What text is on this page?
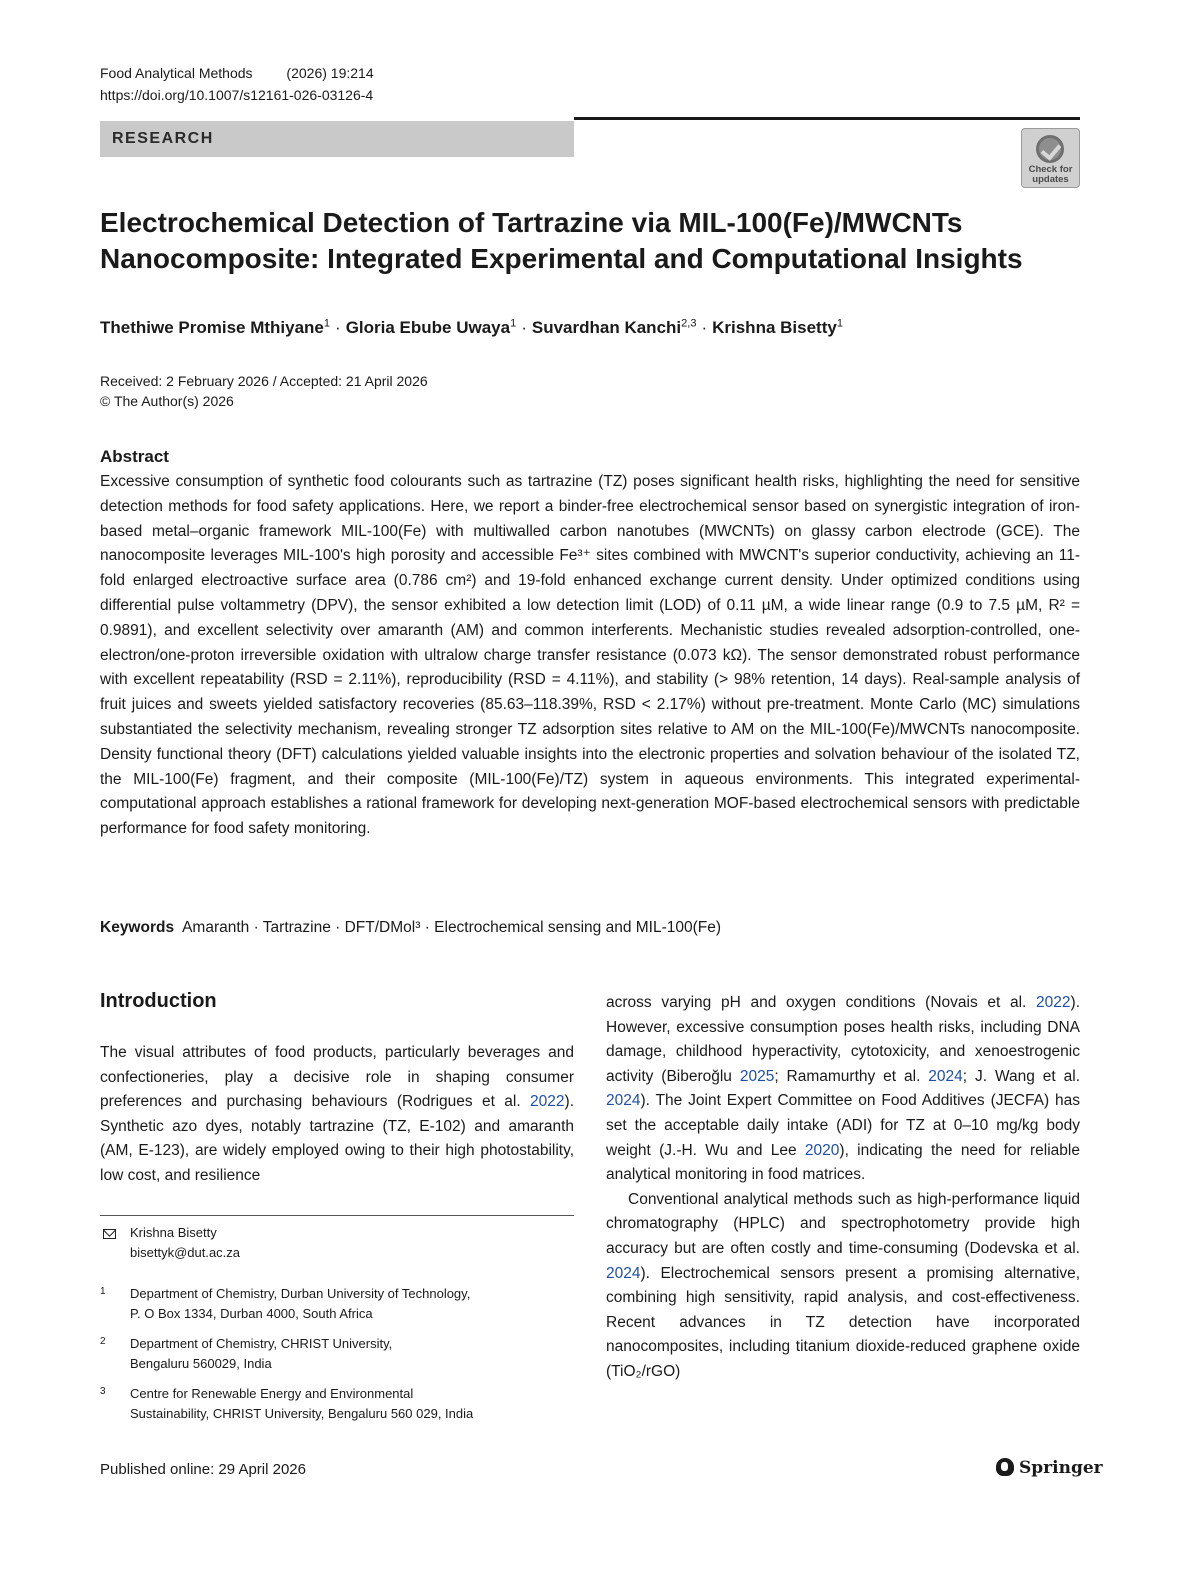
Food Analytical Methods (2026) 19:214
https://doi.org/10.1007/s12161-026-03126-4
RESEARCH
Check for updates
Electrochemical Detection of Tartrazine via MIL-100(Fe)/MWCNTs
Nanocomposite: Integrated Experimental and Computational Insights
Thethiwe Promise Mthiyane$^1$ · Gloria Ebube Uwaya$^1$ · Suvardhan Kanchi$^{2,3}$ · Krishna Bisetty$^1$
Received: 2 February 2026 / Accepted: 21 April 2026
© The Author(s) 2026
Abstract
Excessive consumption of synthetic food colourants such as tartrazine (TZ) poses significant health risks, highlighting the need for sensitive detection methods for food safety applications. Here, we report a binder-free electrochemical sensor based on synergistic integration of iron-based metal–organic framework MIL-100(Fe) with multiwalled carbon nanotubes (MWCNTs) on glassy carbon electrode (GCE). The nanocomposite leverages MIL-100's high porosity and accessible Fe³⁺ sites combined with MWCNT's superior conductivity, achieving an 11-fold enlarged electroactive surface area (0.786 cm²) and 19-fold enhanced exchange current density. Under optimized conditions using differential pulse voltammetry (DPV), the sensor exhibited a low detection limit (LOD) of 0.11 µM, a wide linear range (0.9 to 7.5 µM, R² = 0.9891), and excellent selectivity over amaranth (AM) and common interferents. Mechanistic studies revealed adsorption-controlled, one-electron/one-proton irreversible oxidation with ultralow charge transfer resistance (0.073 kΩ). The sensor demonstrated robust performance with excellent repeatability (RSD = 2.11%), reproducibility (RSD = 4.11%), and stability (> 98% retention, 14 days). Real-sample analysis of fruit juices and sweets yielded satisfactory recoveries (85.63–118.39%, RSD < 2.17%) without pre-treatment. Monte Carlo (MC) simulations substantiated the selectivity mechanism, revealing stronger TZ adsorption sites relative to AM on the MIL-100(Fe)/MWCNTs nanocomposite. Density functional theory (DFT) calculations yielded valuable insights into the electronic properties and solvation behaviour of the isolated TZ, the MIL-100(Fe) fragment, and their composite (MIL-100(Fe)/TZ) system in aqueous environments. This integrated experimental-computational approach establishes a rational framework for developing next-generation MOF-based electrochemical sensors with predictable performance for food safety monitoring.
Keywords Amaranth · Tartrazine · DFT/DMol³ · Electrochemical sensing and MIL-100(Fe)
Introduction
The visual attributes of food products, particularly beverages and confectioneries, play a decisive role in shaping consumer preferences and purchasing behaviours (Rodrigues et al. 2022). Synthetic azo dyes, notably tartrazine (TZ, E-102) and amaranth (AM, E-123), are widely employed owing to their high photostability, low cost, and resilience

across varying pH and oxygen conditions (Novais et al. 2022). However, excessive consumption poses health risks, including DNA damage, childhood hyperactivity, cytotoxicity, and xenoestrogenic activity (Biberoğlu 2025; Ramamurthy et al. 2024; J. Wang et al. 2024). The Joint Expert Committee on Food Additives (JECFA) has set the acceptable daily intake (ADI) for TZ at 0–10 mg/kg body weight (J.-H. Wu and Lee 2020), indicating the need for reliable analytical monitoring in food matrices.

Conventional analytical methods such as high-performance liquid chromatography (HPLC) and spectrophotometry provide high accuracy but are often costly and time-consuming (Dodevska et al. 2024). Electrochemical sensors present a promising alternative, combining high sensitivity, rapid analysis, and cost-effectiveness. Recent advances in TZ detection have incorporated nanocomposites, including titanium dioxide-reduced graphene oxide (TiO₂/rGO)

Krishna Bisetty
bisettyk@dut.ac.za
1 Department of Chemistry, Durban University of Technology,
P. O Box 1334, Durban 4000, South Africa
2 Department of Chemistry, CHRIST University,
Bengaluru 560029, India
3 Centre for Renewable Energy and Environmental
Sustainability, CHRIST University, Bengaluru 560 029, India
Published online: 29 April 2026	Springer
